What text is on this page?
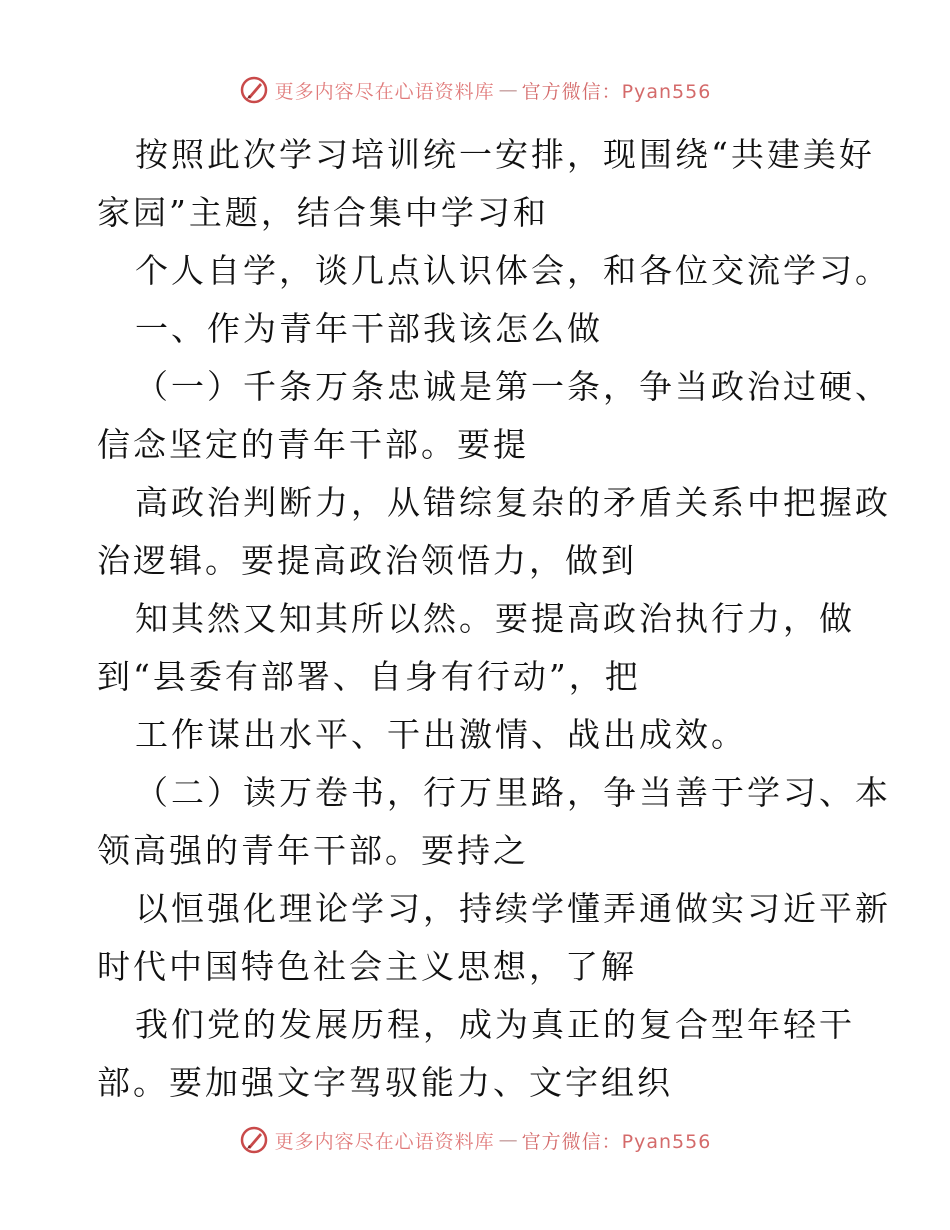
更多内容尽在心语资料库 — 官方微信：Pyan556
按照此次学习培训统一安排，现围绕“共建美好
家园”主题，结合集中学习和
个人自学，谈几点认识体会，和各位交流学习。
一、作为青年干部我该怎么做
（一）千条万条忠诚是第一条，争当政治过硬、
信念坚定的青年干部。要提
高政治判断力，从错综复杂的矛盾关系中把握政
治逻辑。要提高政治领悟力，做到
知其然又知其所以然。要提高政治执行力，做
到“县委有部署、自身有行动”，把
工作谋出水平、干出激情、战出成效。
（二）读万卷书，行万里路，争当善于学习、本
领高强的青年干部。要持之
以恒强化理论学习，持续学懂弄通做实习近平新
时代中国特色社会主义思想，了解
我们党的发展历程，成为真正的复合型年轻干
部。要加强文字驾驭能力、文字组织
更多内容尽在心语资料库 — 官方微信：Pyan556
